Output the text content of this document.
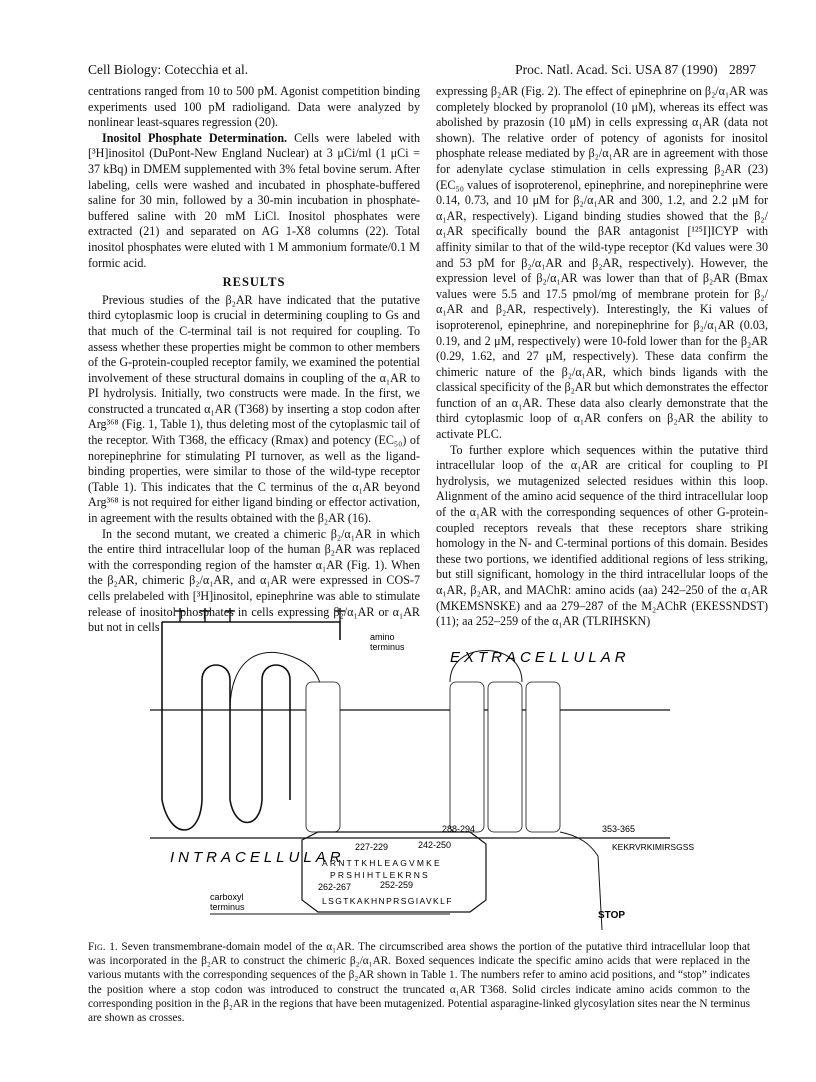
Cell Biology: Cotecchia et al.	Proc. Natl. Acad. Sci. USA 87 (1990) 2897

centrations ranged from 10 to 500 pM. Agonist competition binding experiments used 100 pM radioligand. Data were analyzed by nonlinear least-squares regression (20).

Inositol Phosphate Determination. Cells were labeled with [³H]inositol (DuPont-New England Nuclear) at 3 μCi/ml (1 μCi = 37 kBq) in DMEM supplemented with 3% fetal bovine serum. After labeling, cells were washed and incubated in phosphate-buffered saline for 30 min, followed by a 30-min incubation in phosphate-buffered saline with 20 mM LiCl. Inositol phosphates were extracted (21) and separated on AG 1-X8 columns (22). Total inositol phosphates were eluted with 1 M ammonium formate/0.1 M formic acid.

RESULTS

Previous studies of the β₂AR have indicated that the putative third cytoplasmic loop is crucial in determining coupling to Gs and that much of the C-terminal tail is not required for coupling. To assess whether these properties might be common to other members of the G-protein-coupled receptor family, we examined the potential involvement of these structural domains in coupling of the α₁AR to PI hydrolysis. Initially, two constructs were made. In the first, we constructed a truncated α₁AR (T368) by inserting a stop codon after Arg³⁶⁸ (Fig. 1, Table 1), thus deleting most of the cytoplasmic tail of the receptor. With T368, the efficacy (Rmax) and potency (EC₅₀) of norepinephrine for stimulating PI turnover, as well as the ligand-binding properties, were similar to those of the wild-type receptor (Table 1). This indicates that the C terminus of the α₁AR beyond Arg³⁶⁸ is not required for either ligand binding or effector activation, in agreement with the results obtained with the β₂AR (16).

In the second mutant, we created a chimeric β₂/α₁AR in which the entire third intracellular loop of the human β₂AR was replaced with the corresponding region of the hamster α₁AR (Fig. 1). When the β₂AR, chimeric β₂/α₁AR, and α₁AR were expressed in COS-7 cells prelabeled with [³H]inositol, epinephrine was able to stimulate release of inositol phosphates in cells expressing β₂/α₁AR or α₁AR but not in cells

expressing β₂AR (Fig. 2). The effect of epinephrine on β₂/α₁AR was completely blocked by propranolol (10 μM), whereas its effect was abolished by prazosin (10 μM) in cells expressing α₁AR (data not shown). The relative order of potency of agonists for inositol phosphate release mediated by β₂/α₁AR are in agreement with those for adenylate cyclase stimulation in cells expressing β₂AR (23) (EC₅₀ values of isoproterenol, epinephrine, and norepinephrine were 0.14, 0.73, and 10 μM for β₂/α₁AR and 300, 1.2, and 2.2 μM for α₁AR, respectively). Ligand binding studies showed that the β₂/α₁AR specifically bound the βAR antagonist [¹²⁵I]ICYP with affinity similar to that of the wild-type receptor (Kd values were 30 and 53 pM for β₂/α₁AR and β₂AR, respectively). However, the expression level of β₂/α₁AR was lower than that of β₂AR (Bmax values were 5.5 and 17.5 pmol/mg of membrane protein for β₂/α₁AR and β₂AR, respectively). Interestingly, the Ki values of isoproterenol, epinephrine, and norepinephrine for β₂/α₁AR (0.03, 0.19, and 2 μM, respectively) were 10-fold lower than for the β₂AR (0.29, 1.62, and 27 μM, respectively). These data confirm the chimeric nature of the β₂/α₁AR, which binds ligands with the classical specificity of the β₂AR but which demonstrates the effector function of an α₁AR. These data also clearly demonstrate that the third cytoplasmic loop of α₁AR confers on β₂AR the ability to activate PLC.

To further explore which sequences within the putative third intracellular loop of the α₁AR are critical for coupling to PI hydrolysis, we mutagenized selected residues within this loop. Alignment of the amino acid sequence of the third intracellular loop of the α₁AR with the corresponding sequences of other G-protein-coupled receptors reveals that these receptors share striking homology in the N- and C-terminal portions of this domain. Besides these two portions, we identified additional regions of less striking, but still significant, homology in the third intracellular loops of the α₁AR, β₂AR, and MAChR: amino acids (aa) 242–250 of the α₁AR (MKEMSNSKE) and aa 279–287 of the M₂AChR (EKESSNDST) (11); aa 252–259 of the α₁AR (TLRIHSKN)

amino
terminus
EXTRACELLULAR
INTRACELLULAR
227-229	242-250
252-259
262-267
288-294	353-365
ARNTTKHLEAGVMKE
PRSHIHTLEKRNS
LSGTKAKHNPRSGIAVKLF
KEKRVRKIMIRSGSS
STOP
carboxyl
terminus
Fig. 1. Seven transmembrane-domain model of the α₁AR. The circumscribed area shows the portion of the putative third intracellular loop that was incorporated in the β₂AR to construct the chimeric β₂/α₁AR. Boxed sequences indicate the specific amino acids that were replaced in the various mutants with the corresponding sequences of the β₂AR shown in Table 1. The numbers refer to amino acid positions, and “stop” indicates the position where a stop codon was introduced to construct the truncated α₁AR T368. Solid circles indicate amino acids common to the corresponding position in the β₂AR in the regions that have been mutagenized. Potential asparagine-linked glycosylation sites near the N terminus are shown as crosses.
